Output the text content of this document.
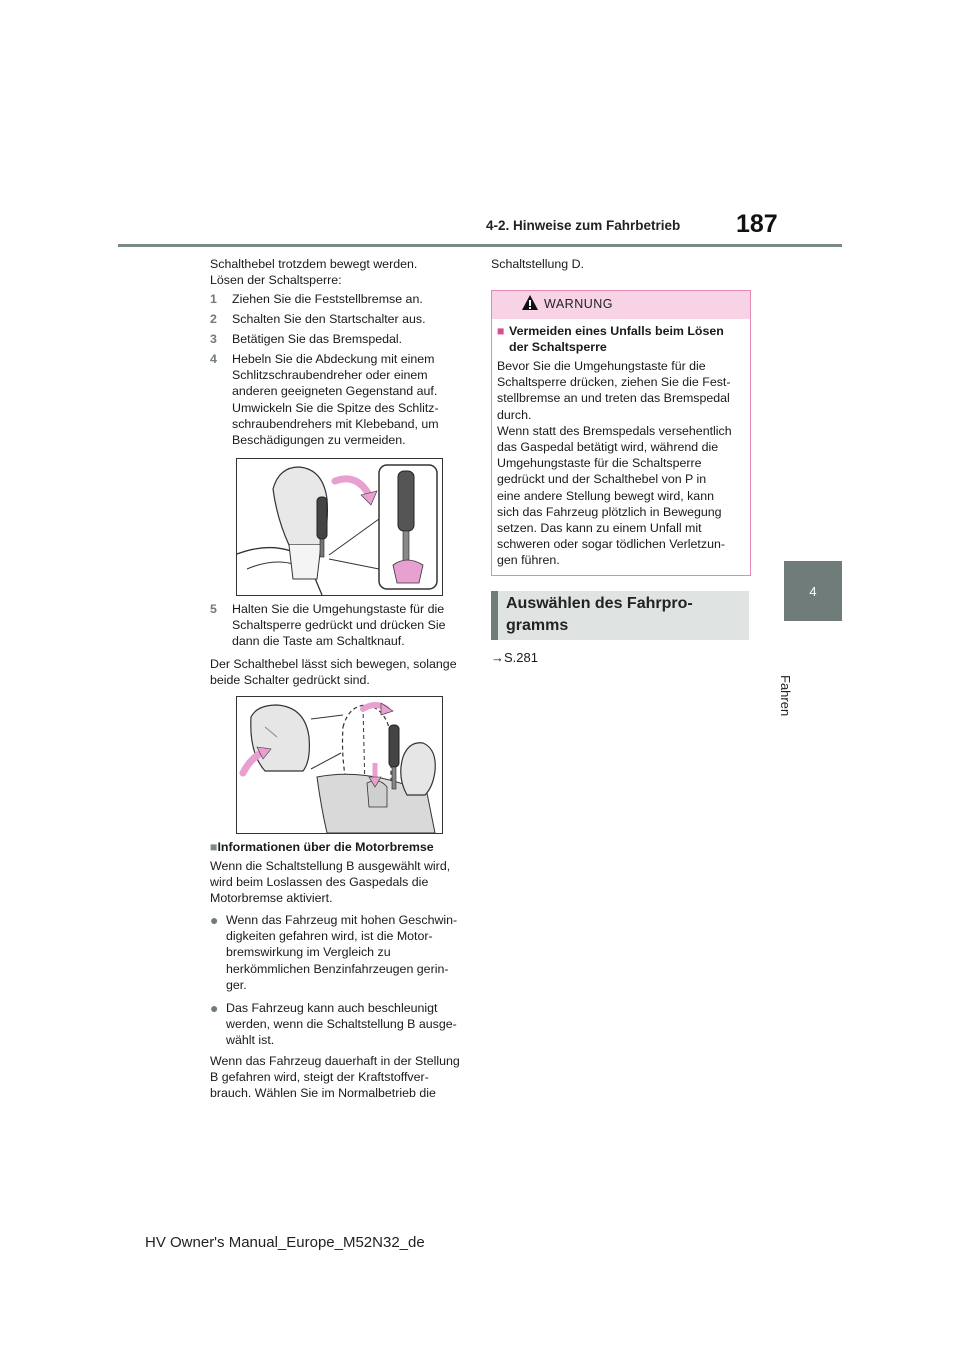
4-2. Hinweise zum Fahrbetrieb 187
4
Fahren
Schalthebel trotzdem bewegt werden.
Lösen der Schaltsperre:
1 Ziehen Sie die Feststellbremse an.
2 Schalten Sie den Startschalter aus.
3 Betätigen Sie das Bremspedal.
4 Hebeln Sie die Abdeckung mit einem
Schlitzschraubendreher oder einem
anderen geeigneten Gegenstand auf.
Umwickeln Sie die Spitze des Schlitz-
schraubendrehers mit Klebeband, um
Beschädigungen zu vermeiden.
5 Halten Sie die Umgehungstaste für die
Schaltsperre gedrückt und drücken Sie
dann die Taste am Schaltknauf.
Der Schalthebel lässt sich bewegen, solange
beide Schalter gedrückt sind.
■Informationen über die Motorbremse
Wenn die Schaltstellung B ausgewählt wird,
wird beim Loslassen des Gaspedals die
Motorbremse aktiviert.
● Wenn das Fahrzeug mit hohen Geschwin-
digkeiten gefahren wird, ist die Motor-
bremswirkung im Vergleich zu
herkömmlichen Benzinfahrzeugen gerin-
ger.
● Das Fahrzeug kann auch beschleunigt
werden, wenn die Schaltstellung B ausge-
wählt ist.
Wenn das Fahrzeug dauerhaft in der Stellung
B gefahren wird, steigt der Kraftstoffver-
brauch. Wählen Sie im Normalbetrieb die
Schaltstellung D.
WARNUNG
■ Vermeiden eines Unfalls beim Lösen
der Schaltsperre
Bevor Sie die Umgehungstaste für die
Schaltsperre drücken, ziehen Sie die Fest-
stellbremse an und treten das Bremspedal
durch.
Wenn statt des Bremspedals versehentlich
das Gaspedal betätigt wird, während die
Umgehungstaste für die Schaltsperre
gedrückt und der Schalthebel von P in
eine andere Stellung bewegt wird, kann
sich das Fahrzeug plötzlich in Bewegung
setzen. Das kann zu einem Unfall mit
schweren oder sogar tödlichen Verletzun-
gen führen.
Auswählen des Fahrpro-
gramms
→S.281
HV Owner's Manual_Europe_M52N32_de
